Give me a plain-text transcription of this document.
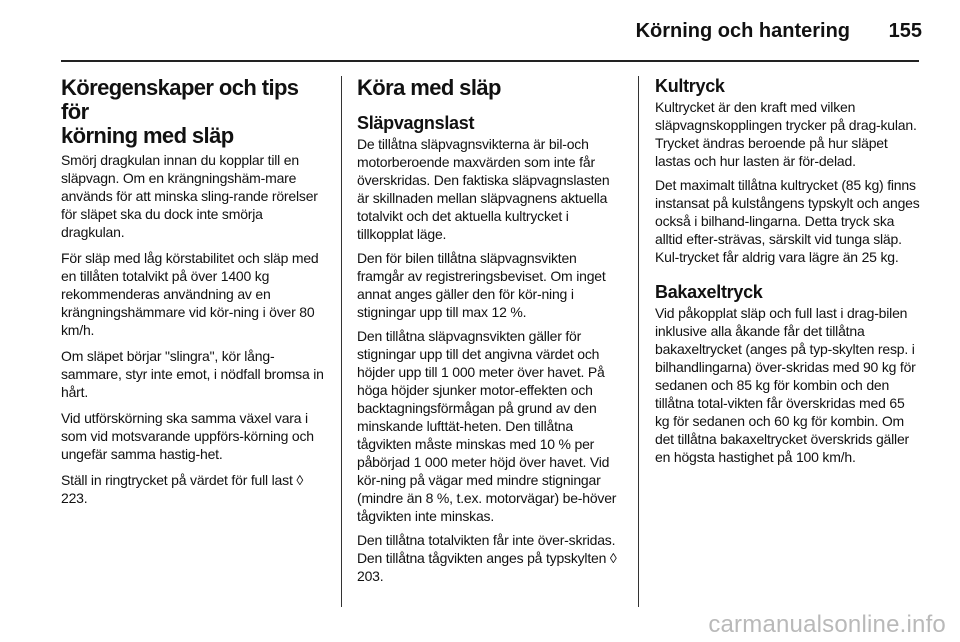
Körning och hantering	155
Köregenskaper och tips för
körning med släp

Smörj dragkulan innan du kopplar till en släpvagn. Om en krängningshäm-mare används för att minska sling-rande rörelser för släpet ska du dock inte smörja dragkulan.

För släp med låg körstabilitet och släp med en tillåten totalvikt på över 1400 kg rekommenderas användning av en krängningshämmare vid kör-ning i över 80 km/h.

Om släpet börjar "slingra", kör lång-sammare, styr inte emot, i nödfall bromsa in hårt.

Vid utförskörning ska samma växel vara i som vid motsvarande uppförs-körning och ungefär samma hastig-het.

Ställ in ringtrycket på värdet för full last ◊ 223.

Köra med släp
Släpvagnslast

De tillåtna släpvagnsvikterna är bil-och motorberoende maxvärden som inte får överskridas. Den faktiska släpvagnslasten är skillnaden mellan släpvagnens aktuella totalvikt och det aktuella kultrycket i tillkopplat läge.

Den för bilen tillåtna släpvagnsvikten framgår av registreringsbeviset. Om inget annat anges gäller den för kör-ning i stigningar upp till max 12 %.

Den tillåtna släpvagnsvikten gäller för stigningar upp till det angivna värdet och höjder upp till 1 000 meter över havet. På höga höjder sjunker motor-effekten och backtagningsförmågan på grund av den minskande lufttät-heten. Den tillåtna tågvikten måste minskas med 10 % per påbörjad 1 000 meter höjd över havet. Vid kör-ning på vägar med mindre stigningar (mindre än 8 %, t.ex. motorvägar) be-höver tågvikten inte minskas.

Den tillåtna totalvikten får inte över-skridas. Den tillåtna tågvikten anges på typskylten ◊ 203.

Kultryck

Kultrycket är den kraft med vilken släpvagnskopplingen trycker på drag-kulan. Trycket ändras beroende på hur släpet lastas och hur lasten är för-delad.

Det maximalt tillåtna kultrycket (85 kg) finns instansat på kulstångens typskylt och anges också i bilhand-lingarna. Detta tryck ska alltid efter-strävas, särskilt vid tunga släp. Kul-trycket får aldrig vara lägre än 25 kg.

Bakaxeltryck

Vid påkopplat släp och full last i drag-bilen inklusive alla åkande får det tillåtna bakaxeltrycket (anges på typ-skylten resp. i bilhandlingarna) över-skridas med 90 kg för sedanen och 85 kg för kombin och den tillåtna total-vikten får överskridas med 65 kg för sedanen och 60 kg för kombin. Om det tillåtna bakaxeltrycket överskrids gäller en högsta hastighet på 100 km/h.

carmanualsonline.info
